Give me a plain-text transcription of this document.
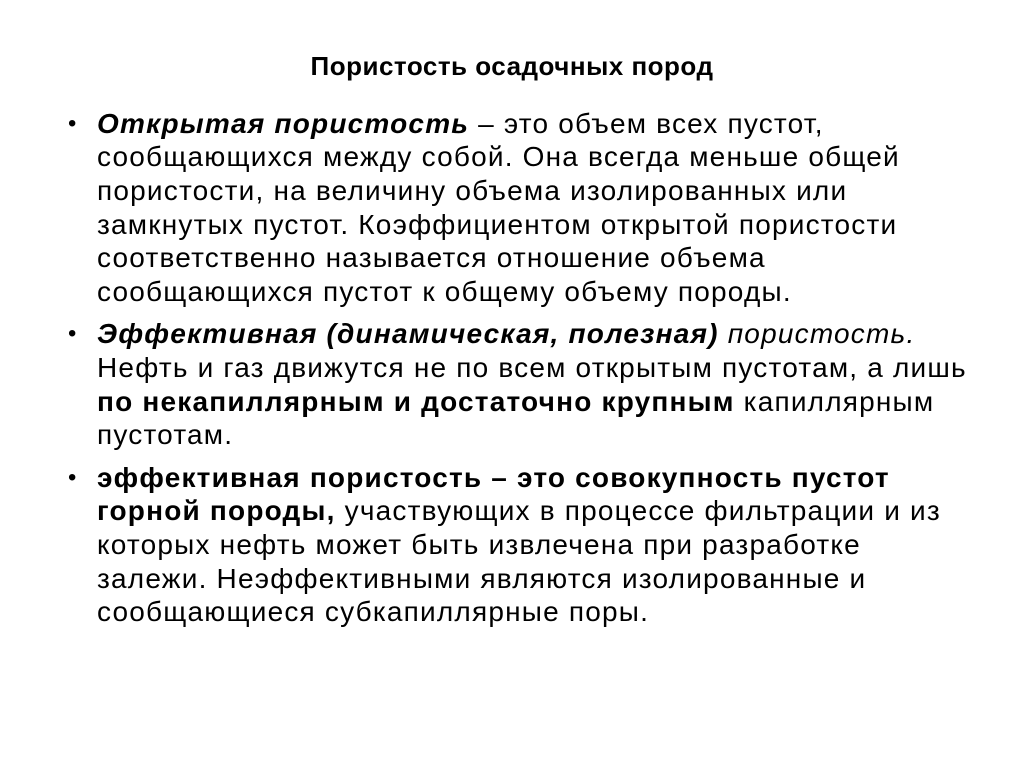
Пористость осадочных пород
• Открытая пористость – это объем всех пустот, сообщающихся между собой. Она всегда меньше общей пористости, на величину объема изолированных или замкнутых пустот. Коэффициентом открытой пористости соответственно называется отношение объема сообщающихся пустот к общему объему породы.
• Эффективная (динамическая, полезная) пористость. Нефть и газ движутся не по всем открытым пустотам, а лишь по некапиллярным и достаточно крупным капиллярным пустотам.
• эффективная пористость – это совокупность пустот горной породы, участвующих в процессе фильтрации и из которых нефть может быть извлечена при разработке залежи. Неэффективными являются изолированные и сообщающиеся субкапиллярные поры.
